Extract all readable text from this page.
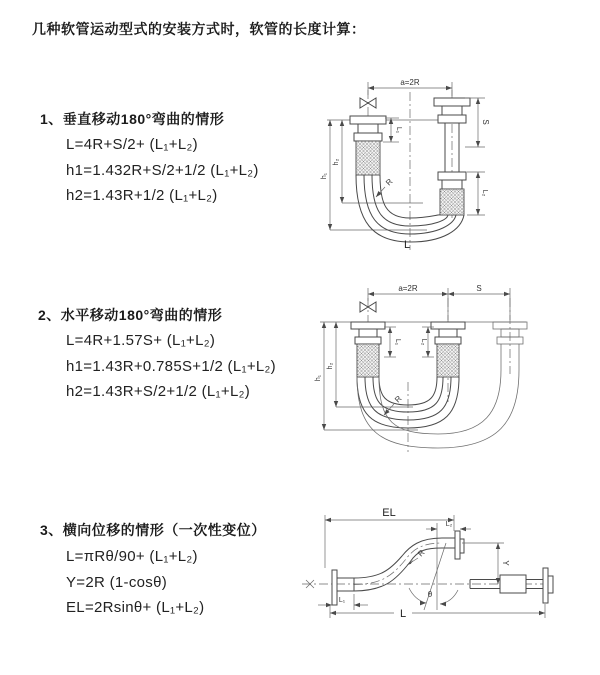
几种软管运动型式的安装方式时，软管的长度计算：
1、垂直移动180°弯曲的情形
L=4R+S/2+ (L₁+L₂)
h1=1.432R+S/2+1/2 (L₁+L₂)
h2=1.43R+1/2 (L₁+L₂)
2、水平移动180°弯曲的情形
L=4R+1.57S+ (L₁+L₂)
h1=1.43R+0.785S+1/2 (L₁+L₂)
h2=1.43R+S/2+1/2 (L₁+L₂)
3、横向位移的情形（一次性变位）
L=πRθ/90+ (L₁+L₂)
Y=2R (1-cosθ)
EL=2Rsinθ+ (L₁+L₂)
a=2R
L₁
S
L₂
h₁
h₂
R
L
a=2R	S
L₁	L₂
h₁
h₂
R
EL
L₂
θ
R
Y
L₁
L
